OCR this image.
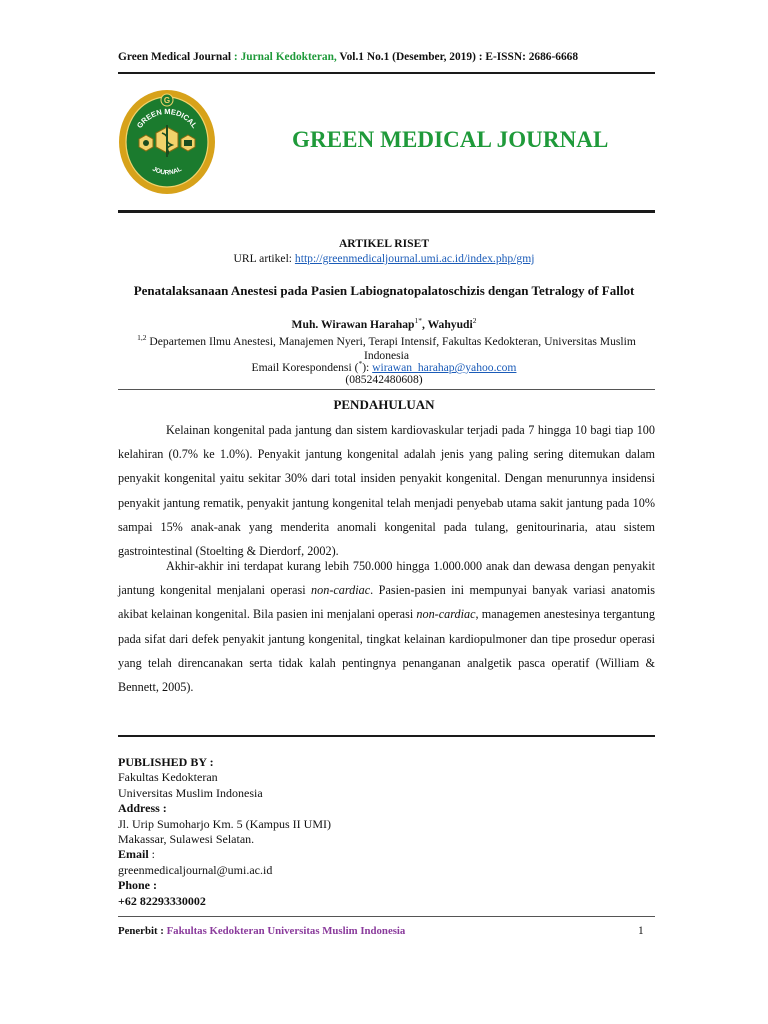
Green Medical Journal : Jurnal Kedokteran, Vol.1 No.1 (Desember, 2019) : E-ISSN: 2686-6668
G
GREEN MEDICAL
JOURNAL
GREEN MEDICAL JOURNAL
ARTIKEL RISET
URL artikel: http://greenmedicaljournal.umi.ac.id/index.php/gmj
Penatalaksanaan Anestesi pada Pasien Labiognatopalatoschizis dengan Tetralogy of Fallot
Muh. Wirawan Harahap$^{1*}$, Wahyudi$^2$
$^{1,2}$ Departemen Ilmu Anestesi, Manajemen Nyeri, Terapi Intensif, Fakultas Kedokteran, Universitas Muslim Indonesia
Email Korespondensi (*): wirawan_harahap@yahoo.com
(085242480608)
PENDAHULUAN
Kelainan kongenital pada jantung dan sistem kardiovaskular terjadi pada 7 hingga 10 bagi tiap 100 kelahiran (0.7% ke 1.0%). Penyakit jantung kongenital adalah jenis yang paling sering ditemukan dalam penyakit kongenital yaitu sekitar 30% dari total insiden penyakit kongenital. Dengan menurunnya insidensi penyakit jantung rematik, penyakit jantung kongenital telah menjadi penyebab utama sakit jantung pada 10% sampai 15% anak-anak yang menderita anomali kongenital pada tulang, genitourinaria, atau sistem gastrointestinal (Stoelting & Dierdorf, 2002).
Akhir-akhir ini terdapat kurang lebih 750.000 hingga 1.000.000 anak dan dewasa dengan penyakit jantung kongenital menjalani operasi non-cardiac. Pasien-pasien ini mempunyai banyak variasi anatomis akibat kelainan kongenital. Bila pasien ini menjalani operasi non-cardiac, managemen anestesinya tergantung pada sifat dari defek penyakit jantung kongenital, tingkat kelainan kardiopulmoner dan tipe prosedur operasi yang telah direncanakan serta tidak kalah pentingnya penanganan analgetik pasca operatif (William & Bennett, 2005).
PUBLISHED BY :
Fakultas Kedokteran
Universitas Muslim Indonesia
Address :
Jl. Urip Sumoharjo Km. 5 (Kampus II UMI)
Makassar, Sulawesi Selatan.
Email :
greenmedicaljournal@umi.ac.id
Phone :
+62 82293330002
Penerbit : Fakultas Kedokteran Universitas Muslim Indonesia	1
